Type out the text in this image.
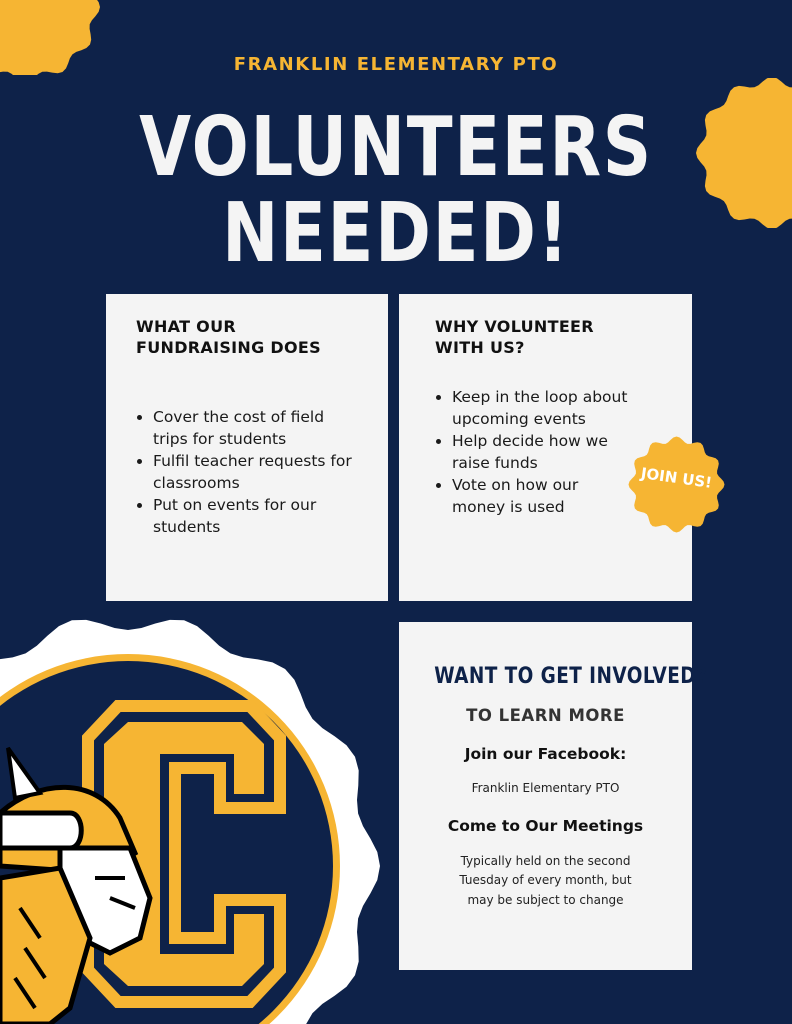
FRANKLIN ELEMENTARY PTO
VOLUNTEERS
NEEDED!
WHAT OUR FUNDRAISING DOES
• Cover the cost of field trips for students
• Fulfil teacher requests for classrooms
• Put on events for our students
WHY VOLUNTEER WITH US?
• Keep in the loop about upcoming events
• Help decide how we raise funds
• Vote on how our money is used
JOIN US!
WANT TO GET INVOLVED?
TO LEARN MORE
Join our Facebook:
Franklin Elementary PTO
Come to Our Meetings
Typically held on the second Tuesday of every month, but may be subject to change
